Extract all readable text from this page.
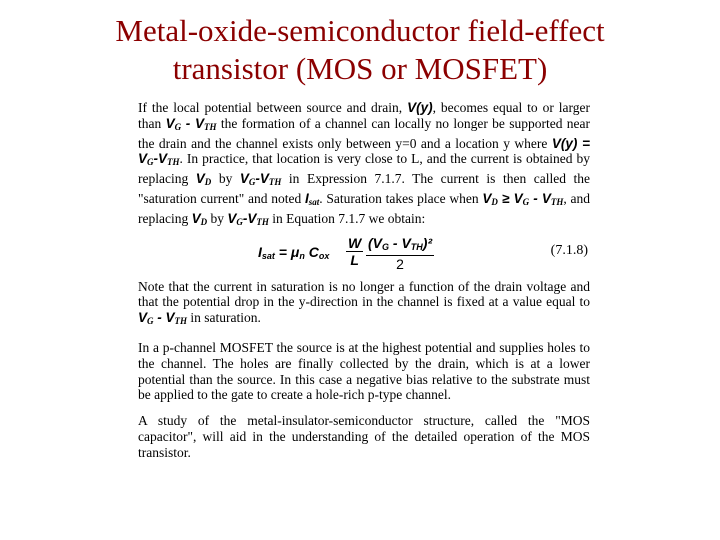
Metal-oxide-semiconductor field-effect
transistor (MOS or MOSFET)

If the local potential between source and drain, V(y), becomes equal to or larger than $V_G - V_{TH}$ the formation of a channel can locally no longer be supported near the drain and the channel exists only between y=0 and a location y where $V(y) = V_G-V_{TH}$. In practice, that location is very close to L, and the current is obtained by replacing $V_D$ by $V_G-V_{TH}$ in Expression 7.1.7. The current is then called the "saturation current" and noted $I_{sat}$. Saturation takes place when $V_D \ge V_G - V_{TH}$, and replacing $V_D$ by $V_G-V_{TH}$ in Equation 7.1.7 we obtain:

$I_{sat} = \mu_n$ $C_{ox} \frac{W}{L} (V_G - V_{TH})^2$
2
(7.1.8)

Note that the current in saturation is no longer a function of the drain voltage and that the potential drop in the y-direction in the channel is fixed at a value equal to $V_G - V_{TH}$ in saturation.

In a p-channel MOSFET the source is at the highest potential and supplies holes to the channel. The holes are finally collected by the drain, which is at a lower potential than the source. In this case a negative bias relative to the substrate must be applied to the gate to create a hole-rich p-type channel.

A study of the metal-insulator-semiconductor structure, called the "MOS capacitor", will aid in the understanding of the detailed operation of the MOS transistor.
